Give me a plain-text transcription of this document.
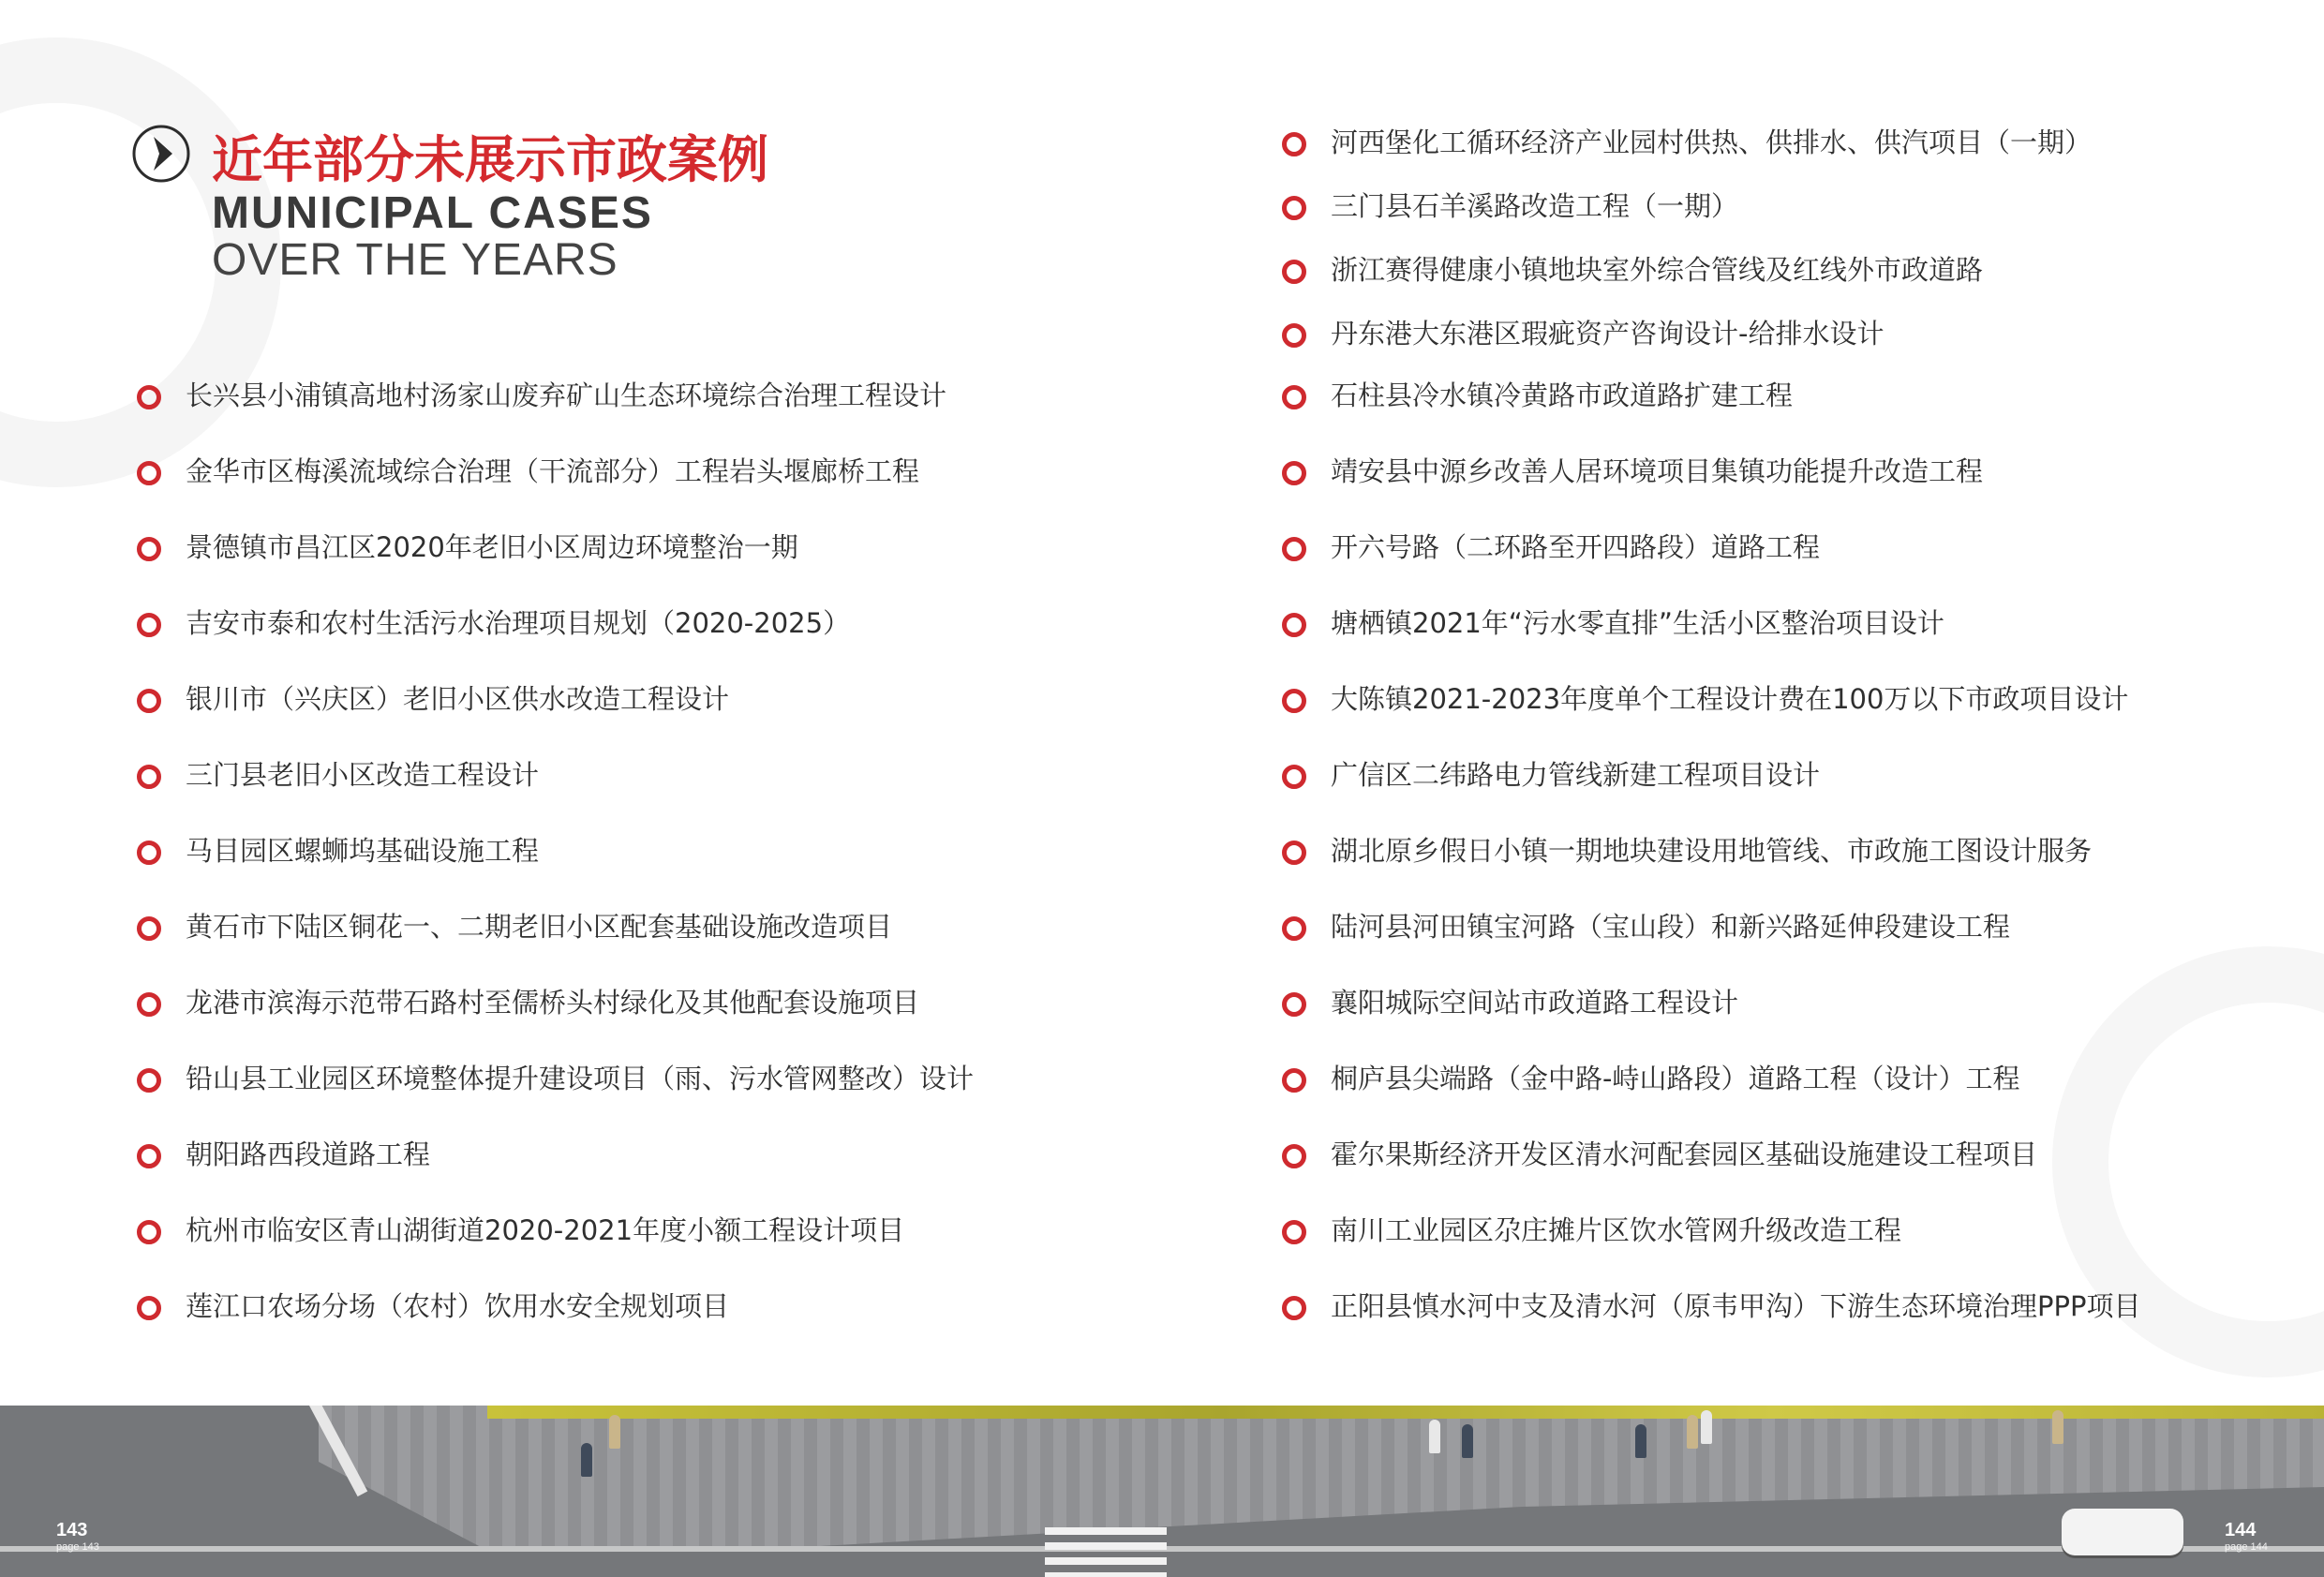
近年部分未展示市政案例
MUNICIPAL CASES
OVER THE YEARS
长兴县小浦镇高地村汤家山废弃矿山生态环境综合治理工程设计
金华市区梅溪流域综合治理（干流部分）工程岩头堰廊桥工程
景德镇市昌江区2020年老旧小区周边环境整治一期
吉安市泰和农村生活污水治理项目规划（2020-2025）
银川市（兴庆区）老旧小区供水改造工程设计
三门县老旧小区改造工程设计
马目园区螺蛳坞基础设施工程
黄石市下陆区铜花一、二期老旧小区配套基础设施改造项目
龙港市滨海示范带石路村至儒桥头村绿化及其他配套设施项目
铅山县工业园区环境整体提升建设项目（雨、污水管网整改）设计
朝阳路西段道路工程
杭州市临安区青山湖街道2020-2021年度小额工程设计项目
莲江口农场分场（农村）饮用水安全规划项目
河西堡化工循环经济产业园村供热、供排水、供汽项目（一期）
三门县石羊溪路改造工程（一期）
浙江赛得健康小镇地块室外综合管线及红线外市政道路
丹东港大东港区瑕疵资产咨询设计-给排水设计
石柱县冷水镇冷黄路市政道路扩建工程
靖安县中源乡改善人居环境项目集镇功能提升改造工程
开六号路（二环路至开四路段）道路工程
塘栖镇2021年“污水零直排”生活小区整治项目设计
大陈镇2021-2023年度单个工程设计费在100万以下市政项目设计
广信区二纬路电力管线新建工程项目设计
湖北原乡假日小镇一期地块建设用地管线、市政施工图设计服务
陆河县河田镇宝河路（宝山段）和新兴路延伸段建设工程
襄阳城际空间站市政道路工程设计
桐庐县尖端路（金中路-峙山路段）道路工程（设计）工程
霍尔果斯经济开发区清水河配套园区基础设施建设工程项目
南川工业园区尕庄摊片区饮水管网升级改造工程
正阳县慎水河中支及清水河（原韦甲沟）下游生态环境治理PPP项目
143
page 143
144
page 144
